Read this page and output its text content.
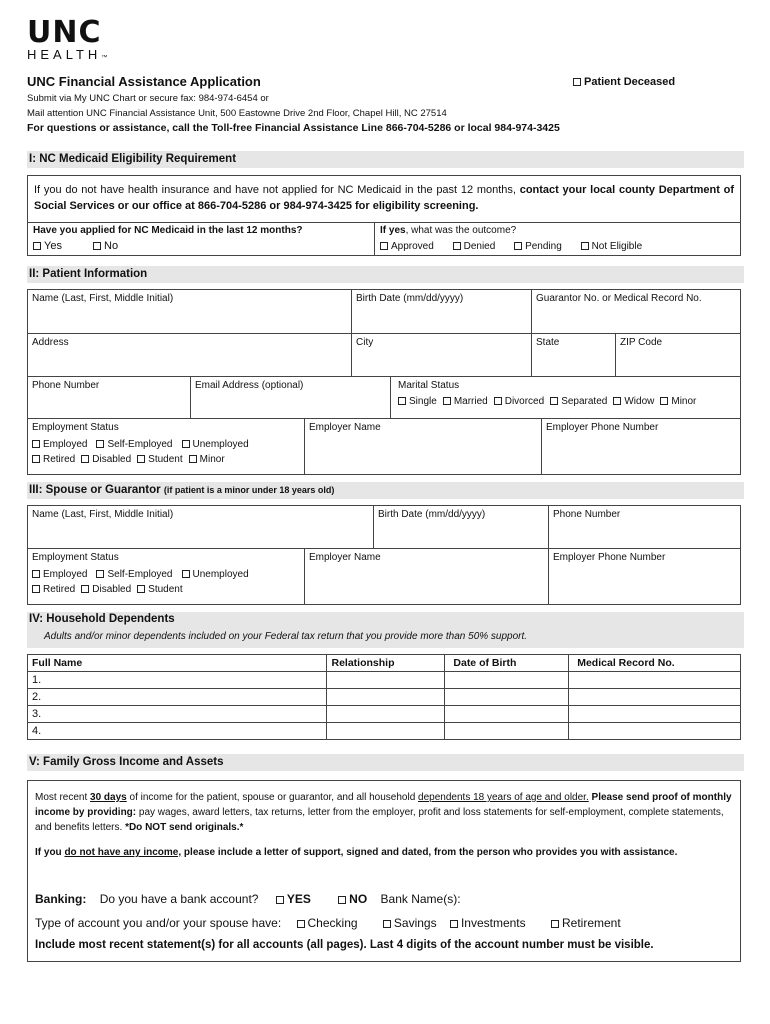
UNC
HEALTH™
UNC Financial Assistance Application	Patient Deceased
Submit via My UNC Chart or secure fax: 984-974-6454 or
Mail attention UNC Financial Assistance Unit, 500 Eastowne Drive 2nd Floor, Chapel Hill, NC 27514
For questions or assistance, call the Toll-free Financial Assistance Line 866-704-5286 or local 984-974-3425
I: NC Medicaid Eligibility Requirement
If you do not have health insurance and have not applied for NC Medicaid in the past 12 months, contact your local county Department of Social Services or our office at 866-704-5286 or 984-974-3425 for eligibility screening.
Have you applied for NC Medicaid in the last 12 months?
Yes	No
If yes, what was the outcome?
Approved	Denied	Pending	Not Eligible
II: Patient Information
Name (Last, First, Middle Initial)	Birth Date (mm/dd/yyyy)	Guarantor No. or Medical Record No.
Address	City	State	ZIP Code
Phone Number	Email Address (optional)	Marital Status
Single Married Divorced Separated Widow Minor
Employment Status
Employed Self-Employed Unemployed
Retired Disabled Student Minor
Employer Name	Employer Phone Number
III: Spouse or Guarantor (if patient is a minor under 18 years old)
Name (Last, First, Middle Initial)	Birth Date (mm/dd/yyyy)	Phone Number
Employment Status
Employed Self-Employed Unemployed
Retired Disabled Student
Employer Name	Employer Phone Number
IV: Household Dependents
Adults and/or minor dependents included on your Federal tax return that you provide more than 50% support.
Full Name	Relationship	Date of Birth	Medical Record No.
1.			
2.			
3.			
4.			
V: Family Gross Income and Assets
Most recent 30 days of income for the patient, spouse or guarantor, and all household dependents 18 years of age and older. Please send proof of monthly income by providing: pay wages, award letters, tax returns, letter from the employer, profit and loss statements for self-employment, complete statements, and benefits letters. *Do NOT send originals.*
If you do not have any income, please include a letter of support, signed and dated, from the person who provides you with assistance.
Banking: Do you have a bank account? YES	NO Bank Name(s):
Type of account you and/or your spouse have: Checking	Savings Investments	Retirement
Include most recent statement(s) for all accounts (all pages). Last 4 digits of the account number must be visible.
